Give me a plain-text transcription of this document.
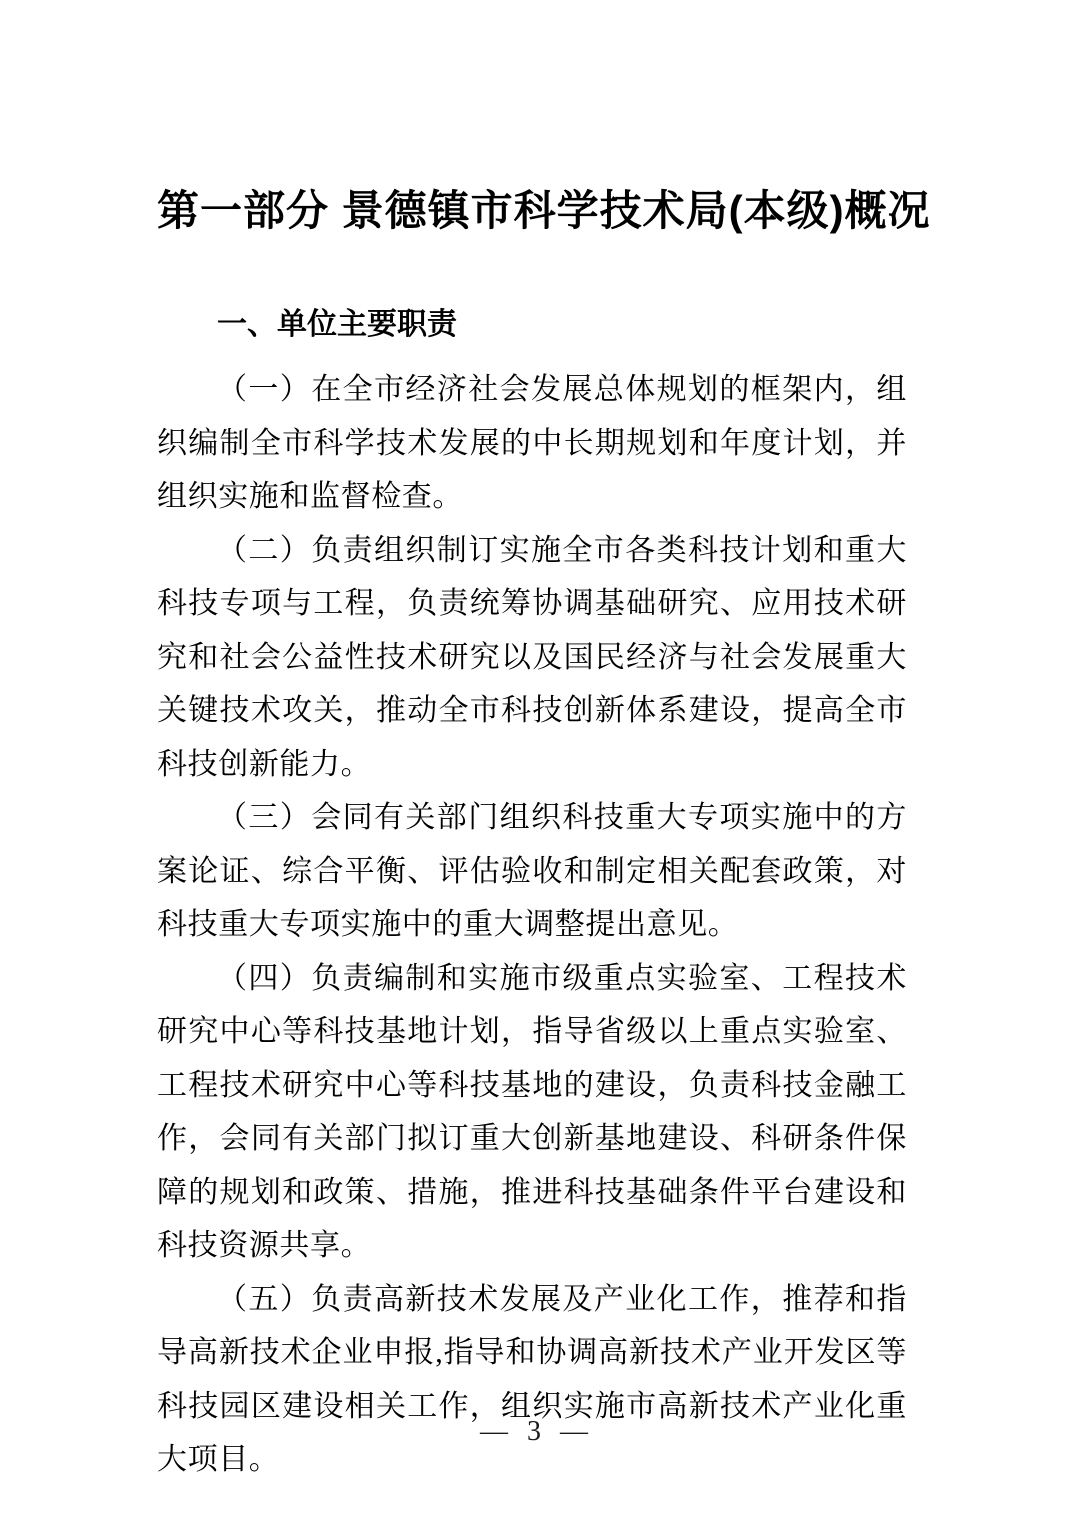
第一部分 景德镇市科学技术局(本级)概况
一、单位主要职责

（一）在全市经济社会发展总体规划的框架内，组织编制全市科学技术发展的中长期规划和年度计划，并组织实施和监督检查。

（二）负责组织制订实施全市各类科技计划和重大科技专项与工程，负责统筹协调基础研究、应用技术研究和社会公益性技术研究以及国民经济与社会发展重大关键技术攻关，推动全市科技创新体系建设，提高全市科技创新能力。

（三）会同有关部门组织科技重大专项实施中的方案论证、综合平衡、评估验收和制定相关配套政策，对科技重大专项实施中的重大调整提出意见。

（四）负责编制和实施市级重点实验室、工程技术研究中心等科技基地计划，指导省级以上重点实验室、工程技术研究中心等科技基地的建设，负责科技金融工作，会同有关部门拟订重大创新基地建设、科研条件保障的规划和政策、措施，推进科技基础条件平台建设和科技资源共享。

（五）负责高新技术发展及产业化工作，推荐和指导高新技术企业申报,指导和协调高新技术产业开发区等科技园区建设相关工作，组织实施市高新技术产业化重大项目。

— 3 —
